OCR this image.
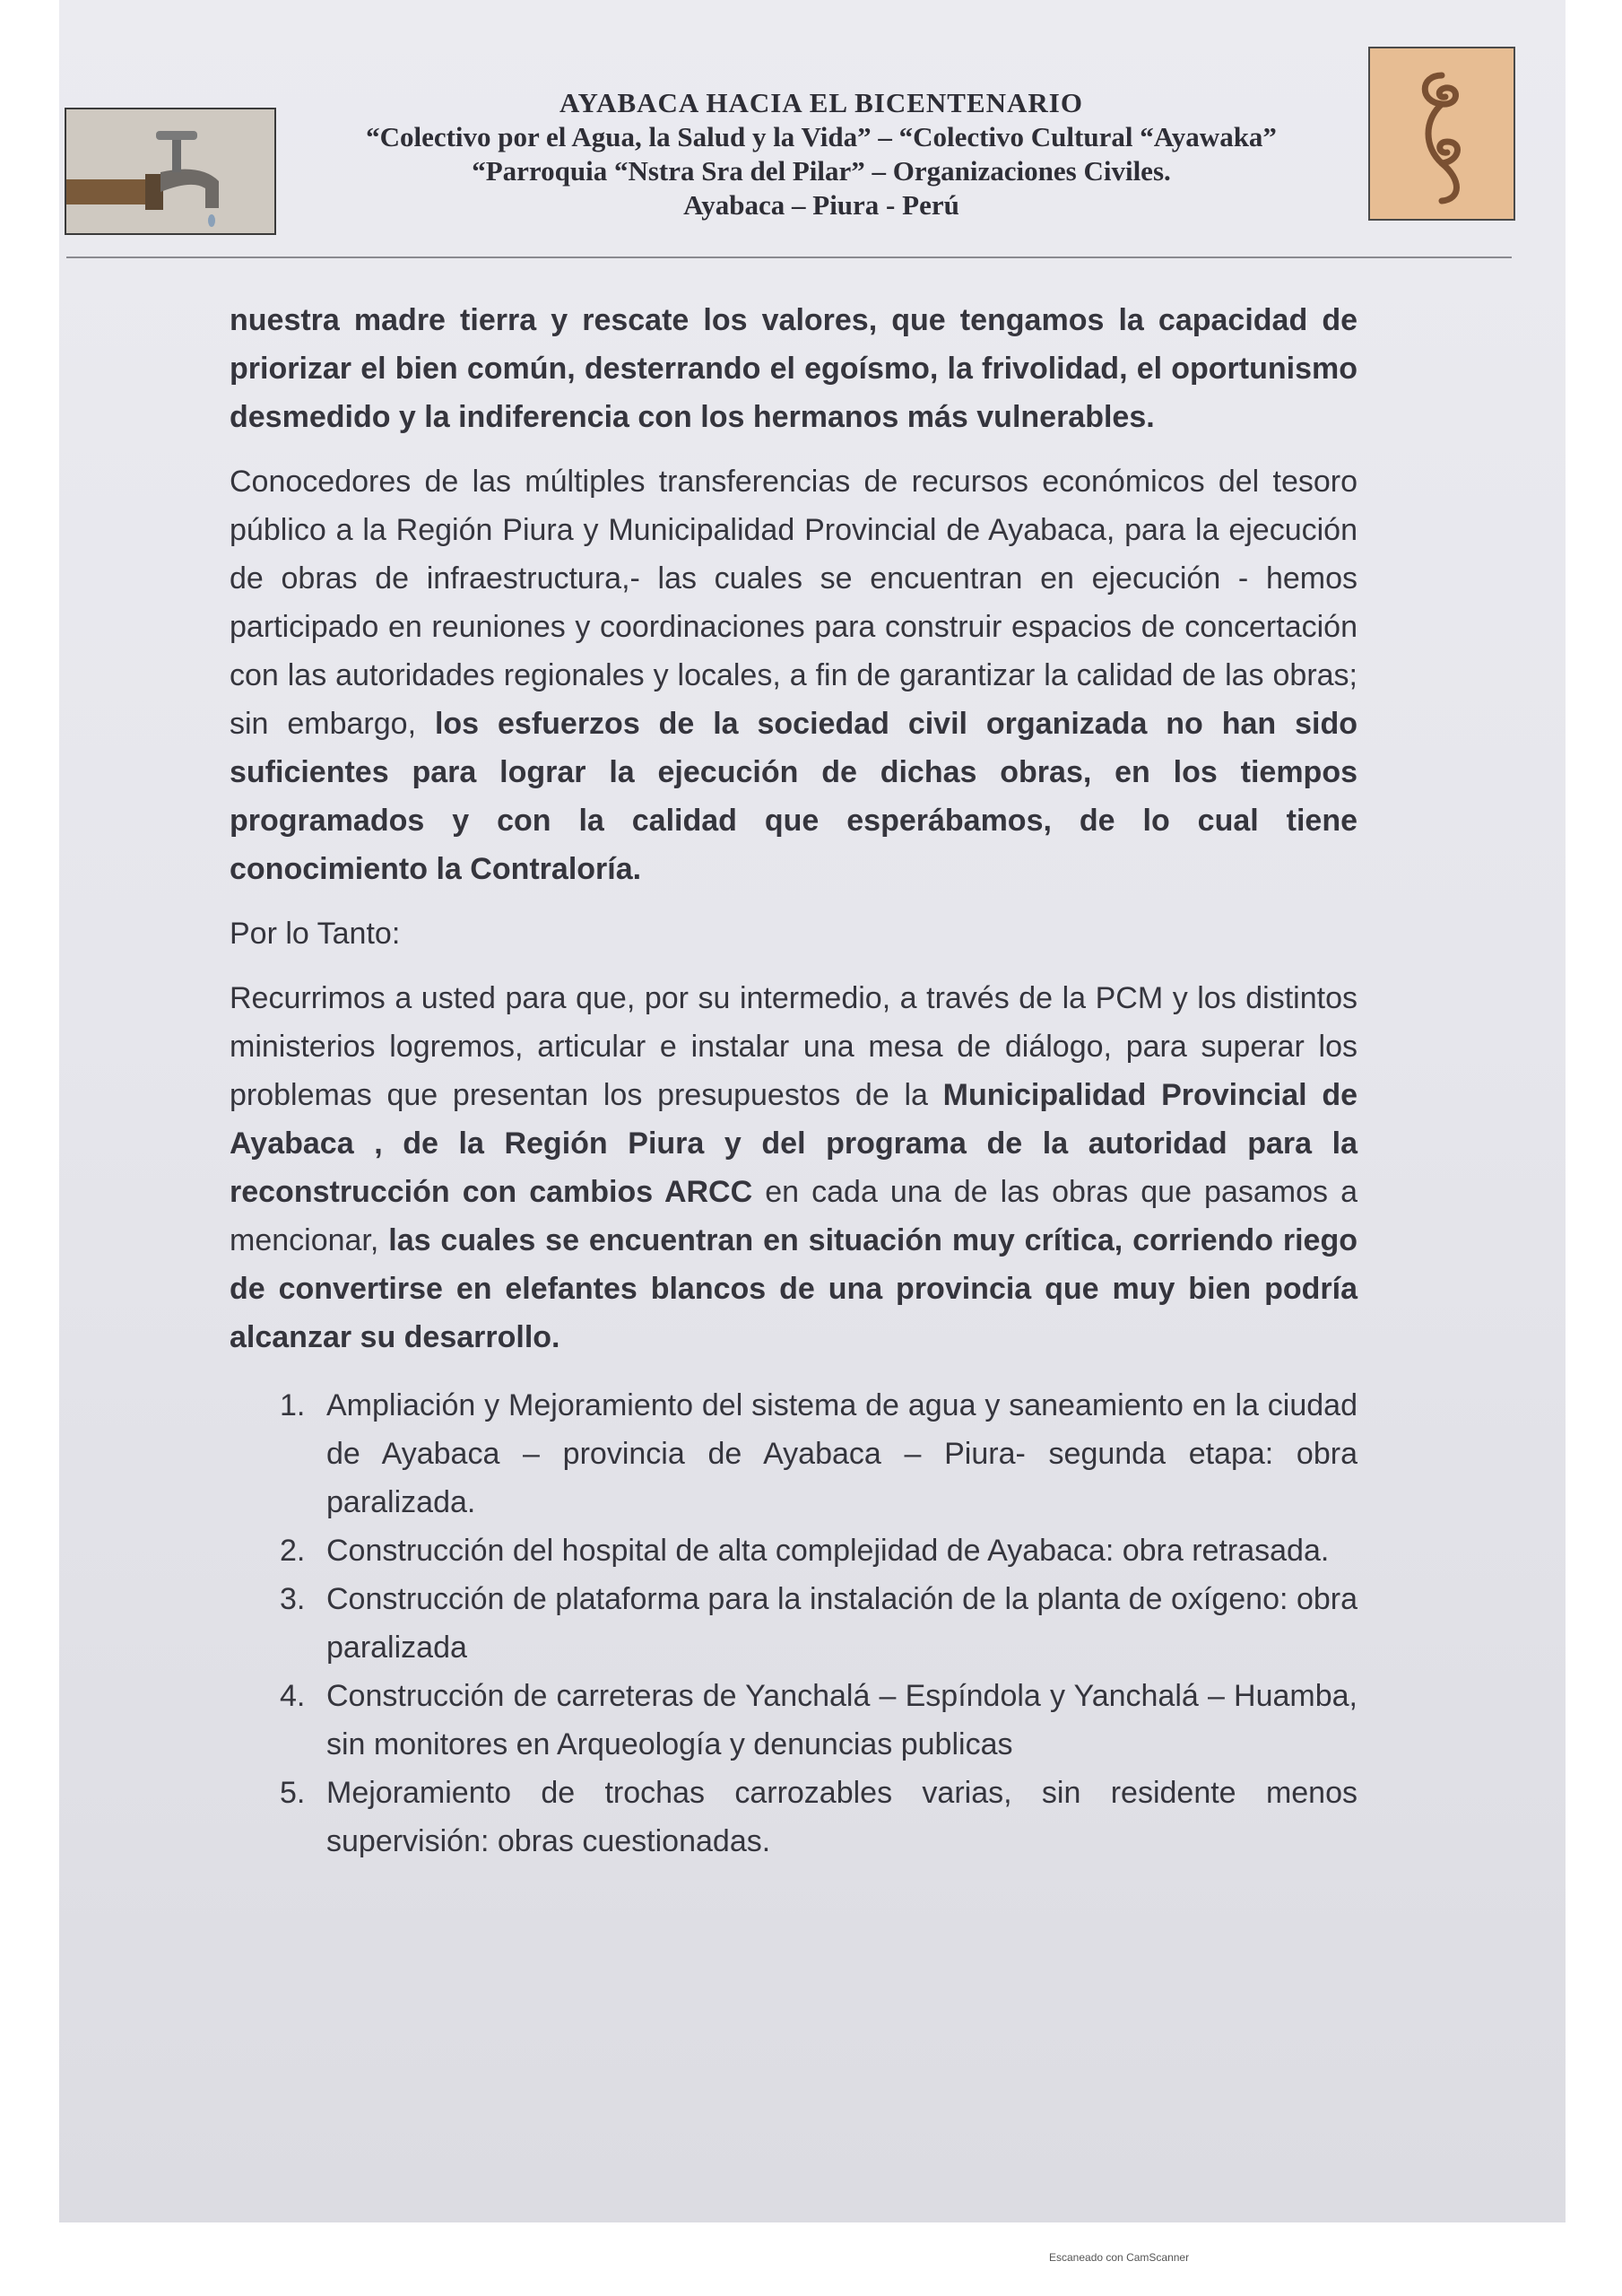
AYABACA HACIA EL BICENTENARIO
“Colectivo por el Agua, la Salud y la Vida” – “Colectivo Cultural “Ayawaka”
“Parroquia “Nstra Sra del Pilar” – Organizaciones Civiles.
Ayabaca – Piura - Perú

nuestra madre tierra y rescate los valores, que tengamos la capacidad de priorizar el bien común, desterrando el egoísmo, la frivolidad, el oportunismo desmedido y la indiferencia con los hermanos más vulnerables.

Conocedores de las múltiples transferencias de recursos económicos del tesoro público a la Región Piura y Municipalidad Provincial de Ayabaca, para la ejecución de obras de infraestructura,- las cuales se encuentran en ejecución - hemos participado en reuniones y coordinaciones para construir espacios de concertación con las autoridades regionales y locales, a fin de garantizar la calidad de las obras; sin embargo, los esfuerzos de la sociedad civil organizada no han sido suficientes para lograr la ejecución de dichas obras, en los tiempos programados y con la calidad que esperábamos, de lo cual tiene conocimiento la Contraloría.

Por lo Tanto:

Recurrimos a usted para que, por su intermedio, a través de la PCM y los distintos ministerios logremos, articular e instalar una mesa de diálogo, para superar los problemas que presentan los presupuestos de la Municipalidad Provincial de Ayabaca , de la Región Piura y del programa de la autoridad para la reconstrucción con cambios ARCC en cada una de las obras que pasamos a mencionar, las cuales se encuentran en situación muy crítica, corriendo riego de convertirse en elefantes blancos de una provincia que muy bien podría alcanzar su desarrollo.

1. Ampliación y Mejoramiento del sistema de agua y saneamiento en la ciudad de Ayabaca – provincia de Ayabaca – Piura- segunda etapa: obra paralizada.
2. Construcción del hospital de alta complejidad de Ayabaca: obra retrasada.
3. Construcción de plataforma para la instalación de la planta de oxígeno: obra paralizada
4. Construcción de carreteras de Yanchalá – Espíndola y Yanchalá – Huamba, sin monitores en Arqueología y denuncias publicas
5. Mejoramiento de trochas carrozables varias, sin residente menos supervisión: obras cuestionadas.
Escaneado con CamScanner
